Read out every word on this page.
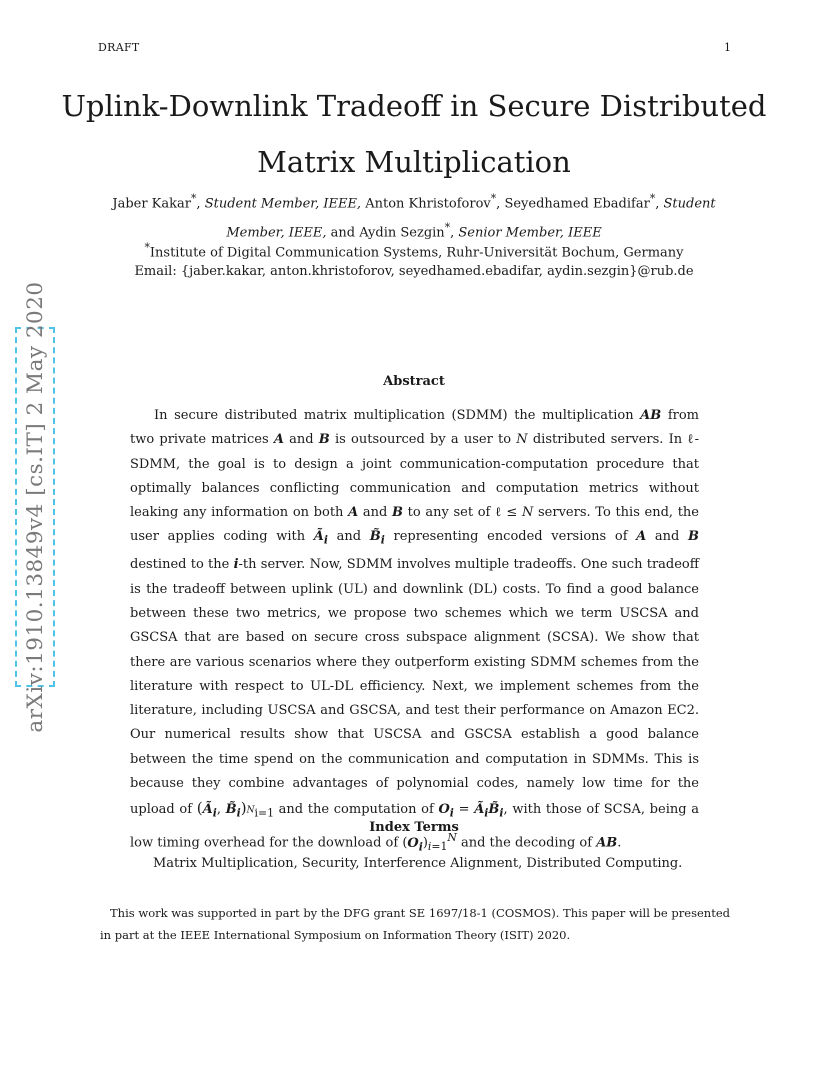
DRAFT	1
Uplink-Downlink Tradeoff in Secure Distributed Matrix Multiplication
Jaber Kakar*, Student Member, IEEE, Anton Khristoforov*, Seyedhamed Ebadifar*, Student Member, IEEE, and Aydin Sezgin*, Senior Member, IEEE
*Institute of Digital Communication Systems, Ruhr-Universität Bochum, Germany
Email: {jaber.kakar, anton.khristoforov, seyedhamed.ebadifar, aydin.sezgin}@rub.de
Abstract

In secure distributed matrix multiplication (SDMM) the multiplication AB from two private matrices A and B is outsourced by a user to N distributed servers. In ℓ-SDMM, the goal is to design a joint communication-computation procedure that optimally balances conflicting communication and computation metrics without leaking any information on both A and B to any set of ℓ ≤ N servers. To this end, the user applies coding with $Ã_i$ and $B̃_i$ representing encoded versions of A and B destined to the i-th server. Now, SDMM involves multiple tradeoffs. One such tradeoff is the tradeoff between uplink (UL) and downlink (DL) costs. To find a good balance between these two metrics, we propose two schemes which we term USCSA and GSCSA that are based on secure cross subspace alignment (SCSA). We show that there are various scenarios where they outperform existing SDMM schemes from the literature with respect to UL-DL efficiency. Next, we implement schemes from the literature, including USCSA and GSCSA, and test their performance on Amazon EC2. Our numerical results show that USCSA and GSCSA establish a good balance between the time spend on the communication and computation in SDMMs. This is because they combine advantages of polynomial codes, namely low time for the upload of ($Ã_i$, $B̃_i)_{^Ni=1}$ and the computation of $O_i$ = $Ã_iB̃_i$, with those of SCSA, being a low timing overhead for the download of $(O_i)_{i=1}^N$ and the decoding of AB.

Index Terms
Matrix Multiplication, Security, Interference Alignment, Distributed Computing.

This work was supported in part by the DFG grant SE 1697/18-1 (COSMOS). This paper will be presented in part at the IEEE International Symposium on Information Theory (ISIT) 2020.

arXiv:1910.13849v4 [cs.IT] 2 May 2020
